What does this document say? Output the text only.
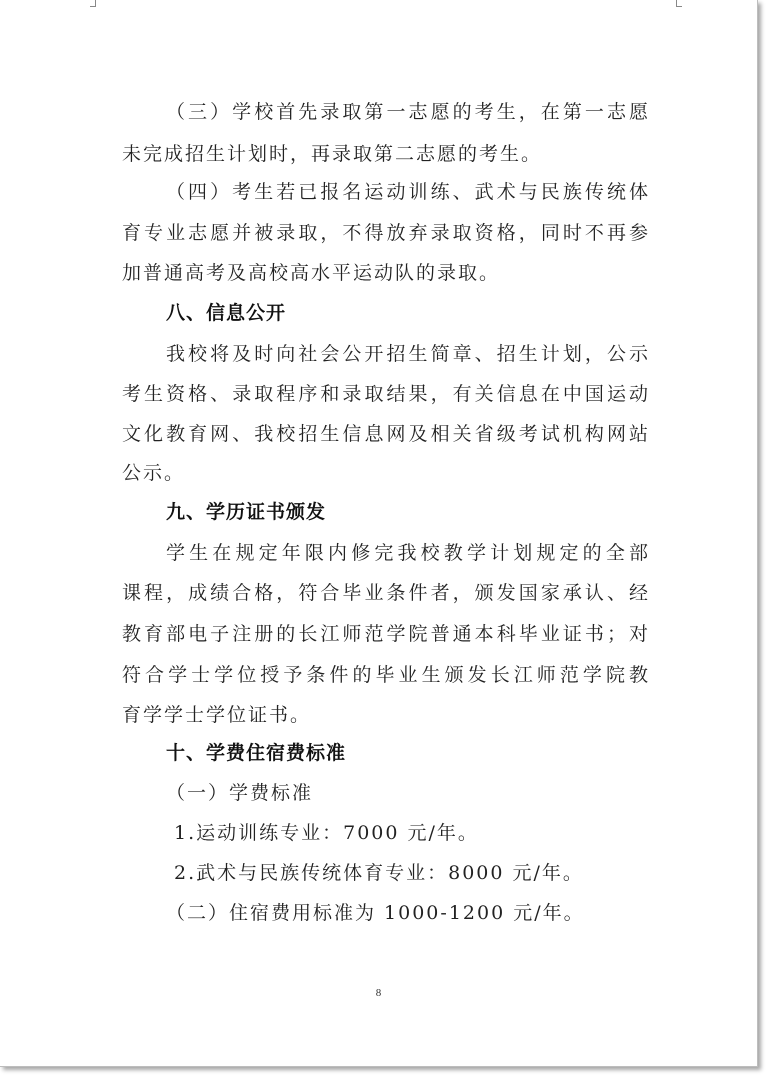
（三）学校首先录取第一志愿的考生，在第一志愿
未完成招生计划时，再录取第二志愿的考生。
（四）考生若已报名运动训练、武术与民族传统体
育专业志愿并被录取，不得放弃录取资格，同时不再参
加普通高考及高校高水平运动队的录取。
八、信息公开
我校将及时向社会公开招生简章、招生计划，公示
考生资格、录取程序和录取结果，有关信息在中国运动
文化教育网、我校招生信息网及相关省级考试机构网站
公示。
九、学历证书颁发
学生在规定年限内修完我校教学计划规定的全部
课程，成绩合格，符合毕业条件者，颁发国家承认、经
教育部电子注册的长江师范学院普通本科毕业证书；对
符合学士学位授予条件的毕业生颁发长江师范学院教
育学学士学位证书。
十、学费住宿费标准
（一）学费标准
1.运动训练专业：7000 元/年。
2.武术与民族传统体育专业：8000 元/年。
（二）住宿费用标准为 1000-1200 元/年。
8
